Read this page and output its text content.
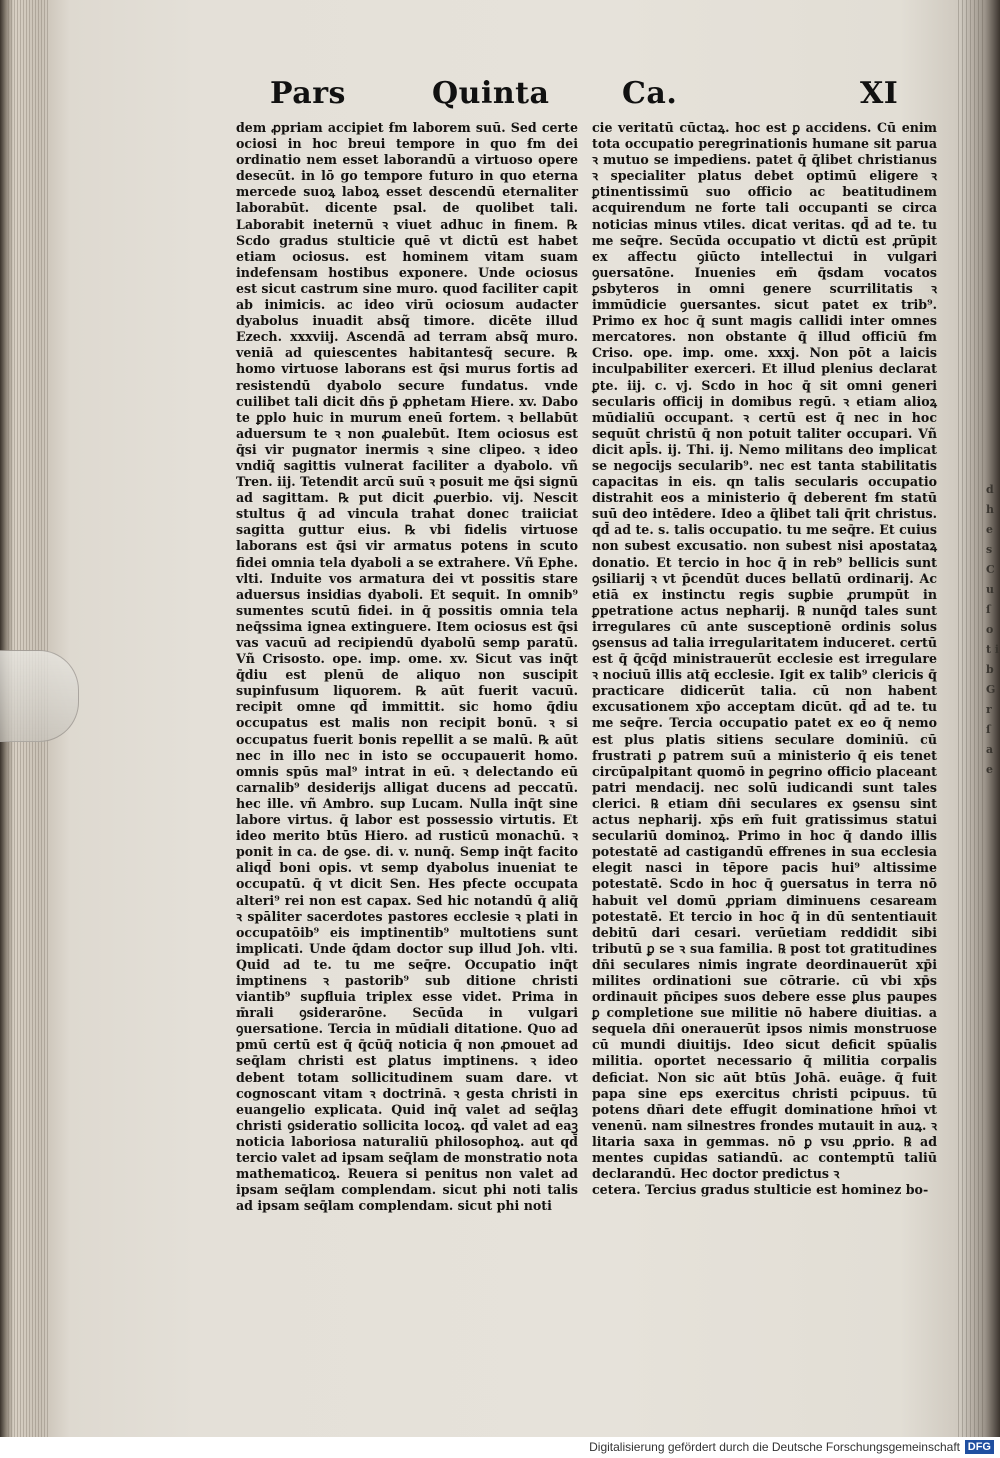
Pars	Quinta Ca.	XI
dem ꝓpriam accipiet ẜm laborem suū. Sed certe ociosi in hoc breui tempore in quo ẜm dei ordinatio nem esset laborandū a virtuoso opere desecūt. in lō go tempore futuro in quo eterna mercede suoꝝ laboꝝ esset descendū eternaliter laborabūt. dicente psal. de quolibet tali. Laborabit ineternū ꝛ viuet adhuc in finem. ℞ Scdo gradus stulticie quē vt dictū est habet etiam ociosus. est hominem vitam suam indefensam hostibus exponere. Unde ociosus est sicut castrum sine muro. quod faciliter capit ab inimicis. ac ideo virū ociosum audacter dyabolus inuadit absq̃ timore. dicēte illud Ezech. xxxviij. Ascendā ad terram absq̃ muro. veniā ad quiescentes habitantesq̃ secure. ℞ homo virtuose laborans est q̄si murus fortis ad resistendū dyabolo secure fundatus. vnde cuilibet tali dicit dn̄s p̄ ꝓphetam Hiere. xv. Dabo te ꝑplo huic in murum eneū fortem. ꝛ bellabūt aduersum te ꝛ non ꝓualebūt. Item ociosus est q̄si vir pugnator inermis ꝛ sine clipeo. ꝛ ideo vndiq̃ sagittis vulnerat faciliter a dyabolo. vñ Tren. iij. Tetendit arcū suū ꝛ posuit me q̄si signū ad sagittam. ℞ put dicit ꝓuerbio. vij. Nescit stultus q̄ ad vincula trahat donec traiiciat sagitta guttur eius. ℞ vbi fidelis virtuose laborans est q̄si vir armatus potens in scuto fidei omnia tela dyaboli a se extrahere. Vñ Ephe. vlti. Induite vos armatura dei vt possitis stare aduersus insidias dyaboli. Et sequit. In omnib⁹ sumentes scutū fidei. in q̄ possitis omnia tela neq̄ssima ignea extinguere. Item ociosus est q̄si vas vacuū ad recipiendū dyabolū semp paratū. Vñ Crisosto. ope. imp. ome. xv. Sicut vas inq̄t q̄diu est plenū de aliquo non suscipit supinfusum liquorem. ℞ aūt fuerit vacuū. recipit omne qd̄ immittit. sic homo q̄diu occupatus est malis non recipit bonū. ꝛ si occupatus fuerit bonis repellit a se malū. ℞ aūt nec in illo nec in isto se occupauerit homo. omnis spūs mal⁹ intrat in eū. ꝛ delectando eū carnalib⁹ desiderijs alligat ducens ad peccatū. hec ille. vñ Ambro. sup Lucam. Nulla inq̄t sine labore virtus. q̄ labor est possessio virtutis. Et ideo merito btūs Hiero. ad rusticū monachū. ꝛ ponit in ca. de ꝯse. di. v. nunq̄. Semp inq̄t facito aliqd̄ boni opis. vt semp dyabolus inueniat te occupatū. q̄ vt dicit Sen. Hes pfecte occupata alteri⁹ rei non est capax. Sed hic notandū q̄ aliq̄ ꝛ spāliter sacerdotes pastores ecclesie ꝛ plati in occupatōib⁹ eis imptinentib⁹ multotiens sunt implicati. Unde q̄dam doctor sup illud Joh. vlti. Quid ad te. tu me seq̄re. Occupatio inq̄t imptinens ꝛ pastorib⁹ sub ditione christi viantib⁹ suꝑfluia triplex esse videt. Prima in m̄rali ꝯsiderarōne. Secūda in vulgari ꝯuersatione. Tercia in mūdiali ditatione. Quo ad pmū certū est q̄ q̄cūq̄ noticia q̄ non ꝓmouet ad seq̄lam christi est ꝑlatus imptinens. ꝛ ideo debent totam sollicitudinem suam dare. vt cognoscant vitam ꝛ doctrinā. ꝛ gesta christi in euangelio explicata. Quid inq̄ valet ad seq̄laꝫ christi ꝯsideratio sollicita locoꝝ. qd̄ valet ad eaꝫ noticia laboriosa naturaliū philosophoꝝ. aut qd̄ tercio valet ad ipsam seq̄lam de monstratio nota mathematicoꝝ. Reuera si penitus non valet ad ipsam seq̄lam complendam. sicut phi noti talis ad ipsam seq̄lam complendam. sicut phi noti
cie veritatū cūctaꝝ. hoc est ꝑ accidens. Cū enim tota occupatio peregrinationis humane sit parua ꝛ mutuo se impediens. patet q̄ q̄libet christianus ꝛ specialiter platus debet optimū eligere ꝛ ꝑtinentissimū suo officio ac beatitudinem acquirendum ne forte tali occupanti se circa noticias minus vtiles. dicat veritas. qd̄ ad te. tu me seq̄re. Secūda occupatio vt dictū est ꝓrūpit ex affectu ꝯiūcto intellectui in vulgari ꝯuersatōne. Inuenies em̄ q̄sdam vocatos ꝑsbyteros in omni genere scurrilitatis ꝛ immūdicie ꝯuersantes. sicut patet ex trib⁹. Primo ex hoc q̄ sunt magis callidi inter omnes mercatores. non obstante q̄ illud officiū ẜm Criso. ope. imp. ome. xxxj. Non pōt a laicis inculpabiliter exerceri. Et illud plenius declarat ꝑte. iij. c. vj. Scdo in hoc q̄ sit omni generi secularis officij in domibus regū. ꝛ etiam alioꝝ mūdialiū occupant. ꝛ certū est q̄ nec in hoc sequūt christū q̄ non potuit taliter occupari. Vñ dicit apl̄s. ij. Thi. ij. Nemo militans deo implicat se negocijs secularib⁹. nec est tanta stabilitatis capacitas in eis. qn talis secularis occupatio distrahit eos a ministerio q̄ deberent ẜm statū suū deo intēdere. Ideo a q̄libet tali q̄rit christus. qd̄ ad te. s. talis occupatio. tu me seq̄re. Et cuius non subest excusatio. non subest nisi apostataꝝ donatio. Et tercio in hoc q̄ in reb⁹ bellicis sunt ꝯsiliarij ꝛ vt p̄cendūt duces bellatū ordinarij. Ac etiā ex instinctu regis suꝑbie ꝓrumpūt in ꝑpetratione actus nepharij. ℞ nunq̄d tales sunt irregulares cū ante susceptionē ordinis solus ꝯsensus ad talia irregularitatem induceret. certū est q̄ q̄cq̄d ministrauerūt ecclesie est irregulare ꝛ nociuū illis atq̄ ecclesie. Igit ex talib⁹ clericis q̄ practicare didicerūt talia. cū non habent excusationem xp̄o acceptam dicūt. qd̄ ad te. tu me seq̄re. Tercia occupatio patet ex eo q̄ nemo est plus platis sitiens seculare dominiū. cū frustrati ꝑ patrem suū a ministerio q̄ eis tenet circūpalpitant quomō in ꝑegrino officio placeant patri mendacij. nec solū iudicandi sunt tales clerici. ℞ etiam dn̄i seculares ex ꝯsensu sint actus nepharij. xp̄s em̄ fuit gratissimus statui seculariū dominoꝝ. Primo in hoc q̄ dando illis potestatē ad castigandū effrenes in sua ecclesia elegit nasci in tēpore pacis hui⁹ altissime potestatē. Scdo in hoc q̄ ꝯuersatus in terra nō habuit vel domū ꝓpriam diminuens cesaream potestatē. Et tercio in hoc q̄ in dū sententiauit debitū dari cesari. verūetiam reddidit sibi tributū ꝑ se ꝛ sua familia. ℞ post tot gratitudines dn̄i seculares nimis ingrate deordinauerūt xp̄i milites ordinationi sue cōtrarie. cū vbi xp̄s ordinauit pn̄cipes suos debere esse ꝑlus paupes ꝑ completione sue militie nō habere diuitias. a sequela dn̄i onerauerūt ipsos nimis monstruose cū mundi diuitijs. Ideo sicut deficit spūalis militia. oportet necessario q̄ militia corpalis deficiat. Non sic aūt btūs Johā. euāge. q̄ fuit papa sine eps exercitus christi pcipuus. tū potens dn̄ari dete effugit dominatione hm̄oi vt venenū. nam silnestres frondes mutauit in auꝝ. ꝛ litaria saxa in gemmas. nō ꝑ vsu ꝓprio. ℞ ad mentes cupidas satiandū. ac contemptū taliū declarandū. Hec doctor predictus ꝛ
cetera. Tercius gradus stulticie est hominez bo-
d h e s C u ſ o t i b G r ſ a e
Digitalisierung gefördert durch die Deutsche Forschungsgemeinschaft DFG
